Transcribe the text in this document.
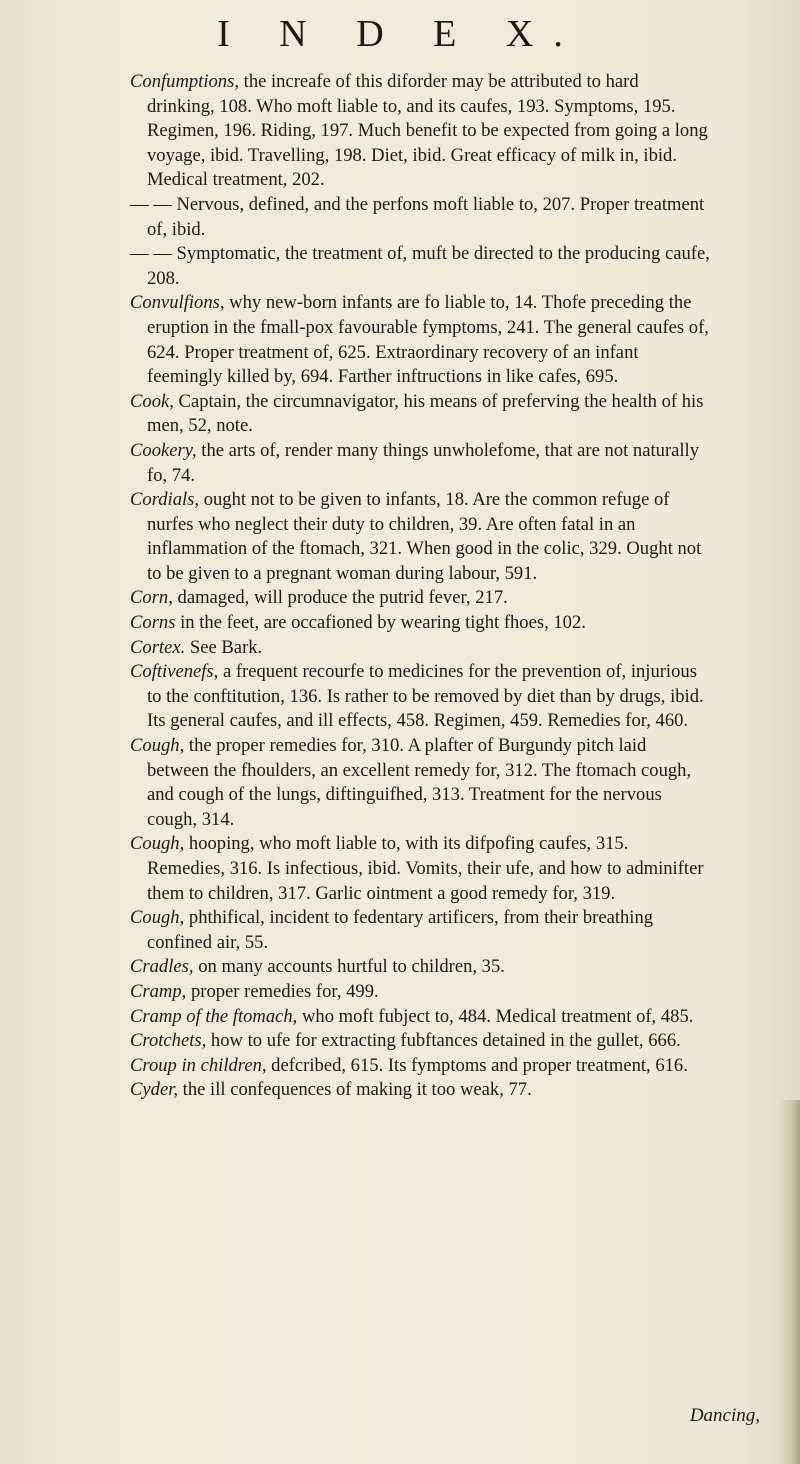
I N D E X.
Confumptions, the increafe of this diforder may be attributed to hard drinking, 108. Who moft liable to, and its caufes, 193. Symptoms, 195. Regimen, 196. Riding, 197. Much benefit to be expected from going a long voyage, ibid. Travelling, 198. Diet, ibid. Great efficacy of milk in, ibid. Medical treatment, 202.
— — Nervous, defined, and the perfons moft liable to, 207. Proper treatment of, ibid.
— — Symptomatic, the treatment of, muft be directed to the producing caufe, 208.
Convulfions, why new-born infants are fo liable to, 14. Thofe preceding the eruption in the fmall-pox favourable fymptoms, 241. The general caufes of, 624. Proper treatment of, 625. Extraordinary recovery of an infant feemingly killed by, 694. Farther inftructions in like cafes, 695.
Cook, Captain, the circumnavigator, his means of preferving the health of his men, 52, note.
Cookery, the arts of, render many things unwholefome, that are not naturally fo, 74.
Cordials, ought not to be given to infants, 18. Are the common refuge of nurfes who neglect their duty to children, 39. Are often fatal in an inflammation of the ftomach, 321. When good in the colic, 329. Ought not to be given to a pregnant woman during labour, 591.
Corn, damaged, will produce the putrid fever, 217.
Corns in the feet, are occafioned by wearing tight fhoes, 102.
Cortex. See Bark.
Coftivenefs, a frequent recourfe to medicines for the prevention of, injurious to the conftitution, 136. Is rather to be removed by diet than by drugs, ibid. Its general caufes, and ill effects, 458. Regimen, 459. Remedies for, 460.
Cough, the proper remedies for, 310. A plafter of Burgundy pitch laid between the fhoulders, an excellent remedy for, 312. The ftomach cough, and cough of the lungs, diftinguifhed, 313. Treatment for the nervous cough, 314.
Cough, hooping, who moft liable to, with its difpofing caufes, 315. Remedies, 316. Is infectious, ibid. Vomits, their ufe, and how to adminifter them to children, 317. Garlic ointment a good remedy for, 319.
Cough, phthifical, incident to fedentary artificers, from their breathing confined air, 55.
Cradles, on many accounts hurtful to children, 35.
Cramp, proper remedies for, 499.
Cramp of the ftomach, who moft fubject to, 484. Medical treatment of, 485.
Crotchets, how to ufe for extracting fubftances detained in the gullet, 666.
Croup in children, defcribed, 615. Its fymptoms and proper treatment, 616.
Cyder, the ill confequences of making it too weak, 77.
Dancing,
